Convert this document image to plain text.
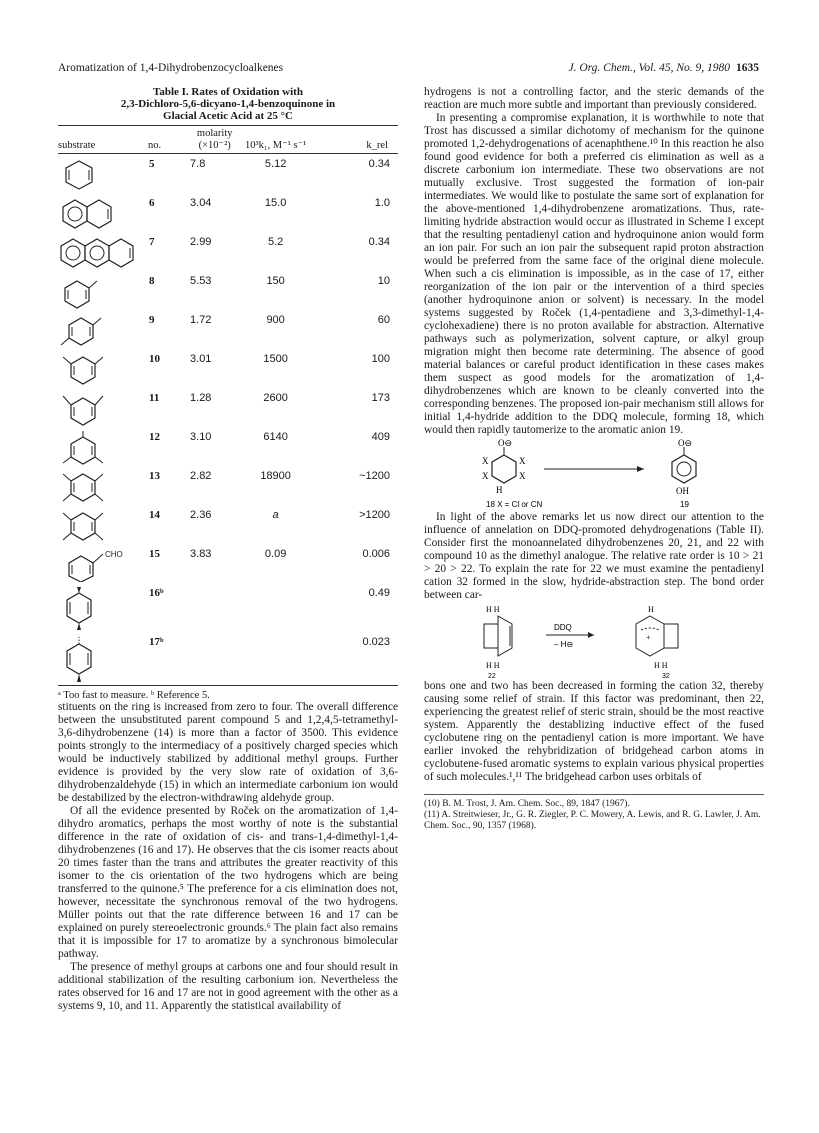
Aromatization of 1,4-Dihydrobenzocycloalkenes	J. Org. Chem., Vol. 45, No. 9, 1980 1635
Table I. Rates of Oxidation with
2,3-Dichloro-5,6-dicyano-1,4-benzoquinone in
Glacial Acetic Acid at 25 °C
substrate	no.	molarity (×10⁻²)	10³k₁, M⁻¹ s⁻¹	k_rel

	5	7.8	5.12	0.34

	6	3.04	15.0	1.0

	7	2.99	5.2	0.34

	8	5.53	150	10

	9	1.72	900	60

	10	3.01	1500	100

	11	1.28	2600	173

	12	3.10	6140	409

	13	2.82	18900	~1200

	14	2.36	a	>1200

CHO	15	3.83	0.09	0.006

	16ᵇ			0.49

	17ᵇ			0.023
ᵃ Too fast to measure. ᵇ Reference 5.

stituents on the ring is increased from zero to four. The overall difference between the unsubstituted parent compound 5 and 1,2,4,5-tetramethyl-3,6-dihydrobenzene (14) is more than a factor of 3500. This evidence points strongly to the intermediacy of a positively charged species which would be inductively stabilized by additional methyl groups. Further evidence is provided by the very slow rate of oxidation of 3,6-dihydrobenzaldehyde (15) in which an intermediate carbonium ion would be destabilized by the electron-withdrawing aldehyde group.

Of all the evidence presented by Roček on the aromatization of 1,4-dihydro aromatics, perhaps the most worthy of note is the substantial difference in the rate of oxidation of cis- and trans-1,4-dimethyl-1,4-dihydrobenzenes (16 and 17). He observes that the cis isomer reacts about 20 times faster than the trans and attributes the greater reactivity of this isomer to the cis orientation of the two hydrogens which are being transferred to the quinone.⁵ The preference for a cis elimination does not, however, necessitate the synchronous removal of the two hydrogens. Müller points out that the rate difference between 16 and 17 can be explained on purely stereoelectronic grounds.⁶ The plain fact also remains that it is impossible for 17 to aromatize by a synchronous bimolecular pathway.

The presence of methyl groups at carbons one and four should result in additional stabilization of the resulting carbonium ion. Nevertheless the rates observed for 16 and 17 are not in good agreement with the other as a systems 9, 10, and 11. Apparently the statistical availability of

hydrogens is not a controlling factor, and the steric demands of the reaction are much more subtle and important than previously considered.

In presenting a compromise explanation, it is worthwhile to note that Trost has discussed a similar dichotomy of mechanism for the quinone promoted 1,2-dehydrogenations of acenaphthene.¹⁰ In this reaction he also found good evidence for both a preferred cis elimination as well as a discrete carbonium ion intermediate. These two observations are not mutually exclusive. Trost suggested the formation of ion-pair intermediates. We would like to postulate the same sort of explanation for the above-mentioned 1,4-dihydrobenzene aromatizations. Thus, rate-limiting hydride abstraction would occur as illustrated in Scheme I except that the resulting pentadienyl cation and hydroquinone anion would form an ion pair. For such an ion pair the subsequent rapid proton abstraction would be preferred from the same face of the original diene molecule. When such a cis elimination is impossible, as in the case of 17, either reorganization of the ion pair or the intervention of a third species (another hydroquinone anion or solvent) is necessary. In the model systems suggested by Roček (1,4-pentadiene and 3,3-dimethyl-1,4-cyclohexadiene) there is no proton available for abstraction. Alternative pathways such as polymerization, solvent capture, or alkyl group migration might then become rate determining. The absence of good material balances or careful product identification in these cases makes them suspect as good models for the aromatization of 1,4-dihydrobenzenes which are known to be cleanly converted into the corresponding benzenes. The proposed ion-pair mechanism still allows for initial 1,4-hydride addition to the DDQ molecule, forming 18, which would then rapidly tautomerize to the aromatic anion 19.

O⊖
X	X
X	X
H
O⊖
OH
18 X = Cl or CN	19

In light of the above remarks let us now direct our attention to the influence of annelation on DDQ-promoted dehydrogenations (Table II). Consider first the monoannelated dihydrobenzenes 20, 21, and 22 with compound 10 as the dimethyl analogue. The relative rate order is 10 > 21 > 20 > 22. To explain the rate for 22 we must examine the pentadienyl cation 32 formed in the slow, hydride-abstraction step. The bond order between car-

H H
H H
22
DDQ
– H⊖
H
+
H H
32

bons one and two has been decreased in forming the cation 32, thereby causing some relief of strain. If this factor was predominant, then 22, experiencing the greatest relief of steric strain, should be the most reactive system. Apparently the destablizing inductive effect of the fused cyclobutene ring on the pentadienyl cation is more important. We have earlier invoked the rehybridization of bridgehead carbon atoms in cyclobutene-fused aromatic systems to explain various physical properties of such molecules.¹,¹¹ The bridgehead carbon uses orbitals of

(10) B. M. Trost, J. Am. Chem. Soc., 89, 1847 (1967).
(11) A. Streitwieser, Jr., G. R. Ziegler, P. C. Mowery, A. Lewis, and R. G. Lawler, J. Am. Chem. Soc., 90, 1357 (1968).
